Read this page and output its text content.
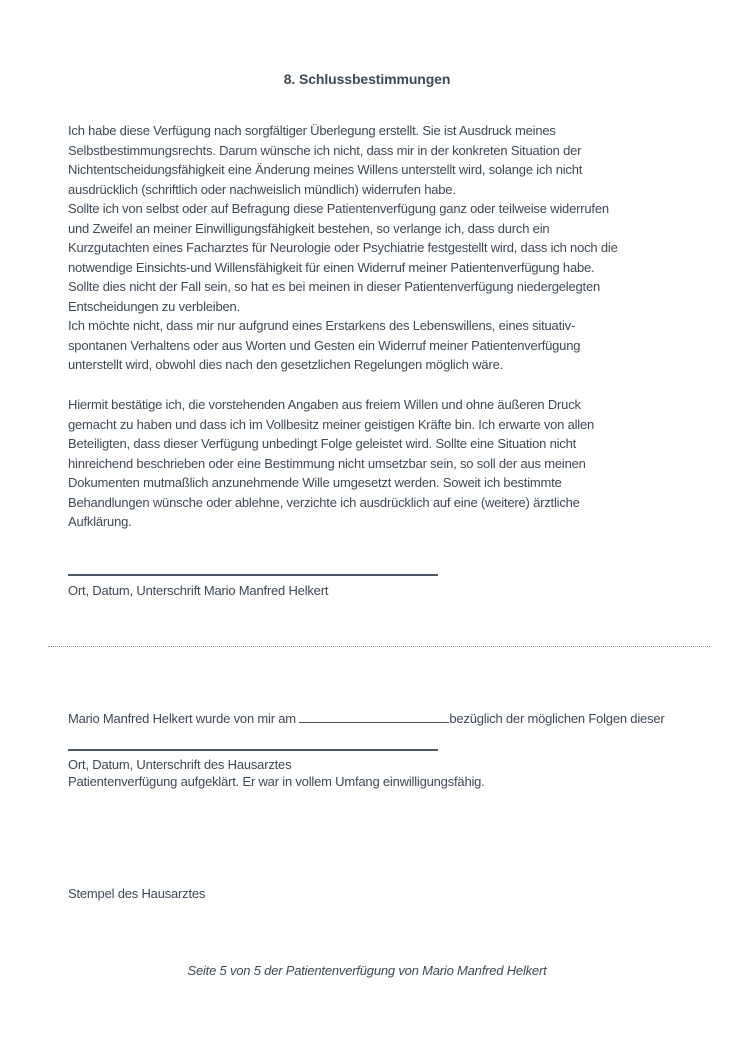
8. Schlussbestimmungen
Ich habe diese Verfügung nach sorgfältiger Überlegung erstellt. Sie ist Ausdruck meines
Selbstbestimmungsrechts. Darum wünsche ich nicht, dass mir in der konkreten Situation der
Nichtentscheidungsfähigkeit eine Änderung meines Willens unterstellt wird, solange ich nicht
ausdrücklich (schriftlich oder nachweislich mündlich) widerrufen habe.
Sollte ich von selbst oder auf Befragung diese Patientenverfügung ganz oder teilweise widerrufen
und Zweifel an meiner Einwilligungsfähigkeit bestehen, so verlange ich, dass durch ein
Kurzgutachten eines Facharztes für Neurologie oder Psychiatrie festgestellt wird, dass ich noch die
notwendige Einsichts-und Willensfähigkeit für einen Widerruf meiner Patientenverfügung habe.
Sollte dies nicht der Fall sein, so hat es bei meinen in dieser Patientenverfügung niedergelegten
Entscheidungen zu verbleiben.
Ich möchte nicht, dass mir nur aufgrund eines Erstarkens des Lebenswillens, eines situativ-
spontanen Verhaltens oder aus Worten und Gesten ein Widerruf meiner Patientenverfügung
unterstellt wird, obwohl dies nach den gesetzlichen Regelungen möglich wäre.
Hiermit bestätige ich, die vorstehenden Angaben aus freiem Willen und ohne äußeren Druck
gemacht zu haben und dass ich im Vollbesitz meiner geistigen Kräfte bin. Ich erwarte von allen
Beteiligten, dass dieser Verfügung unbedingt Folge geleistet wird. Sollte eine Situation nicht
hinreichend beschrieben oder eine Bestimmung nicht umsetzbar sein, so soll der aus meinen
Dokumenten mutmaßlich anzunehmende Wille umgesetzt werden. Soweit ich bestimmte
Behandlungen wünsche oder ablehne, verzichte ich ausdrücklich auf eine (weitere) ärztliche
Aufklärung.
Ort, Datum, Unterschrift Mario Manfred Helkert

Mario Manfred Helkert wurde von mir am	bezüglich der möglichen Folgen dieser

Patientenverfügung aufgeklärt. Er war in vollem Umfang einwilligungsfähig.

Ort, Datum, Unterschrift des Hausarztes
Stempel des Hausarztes
Seite 5 von 5 der Patientenverfügung von Mario Manfred Helkert
